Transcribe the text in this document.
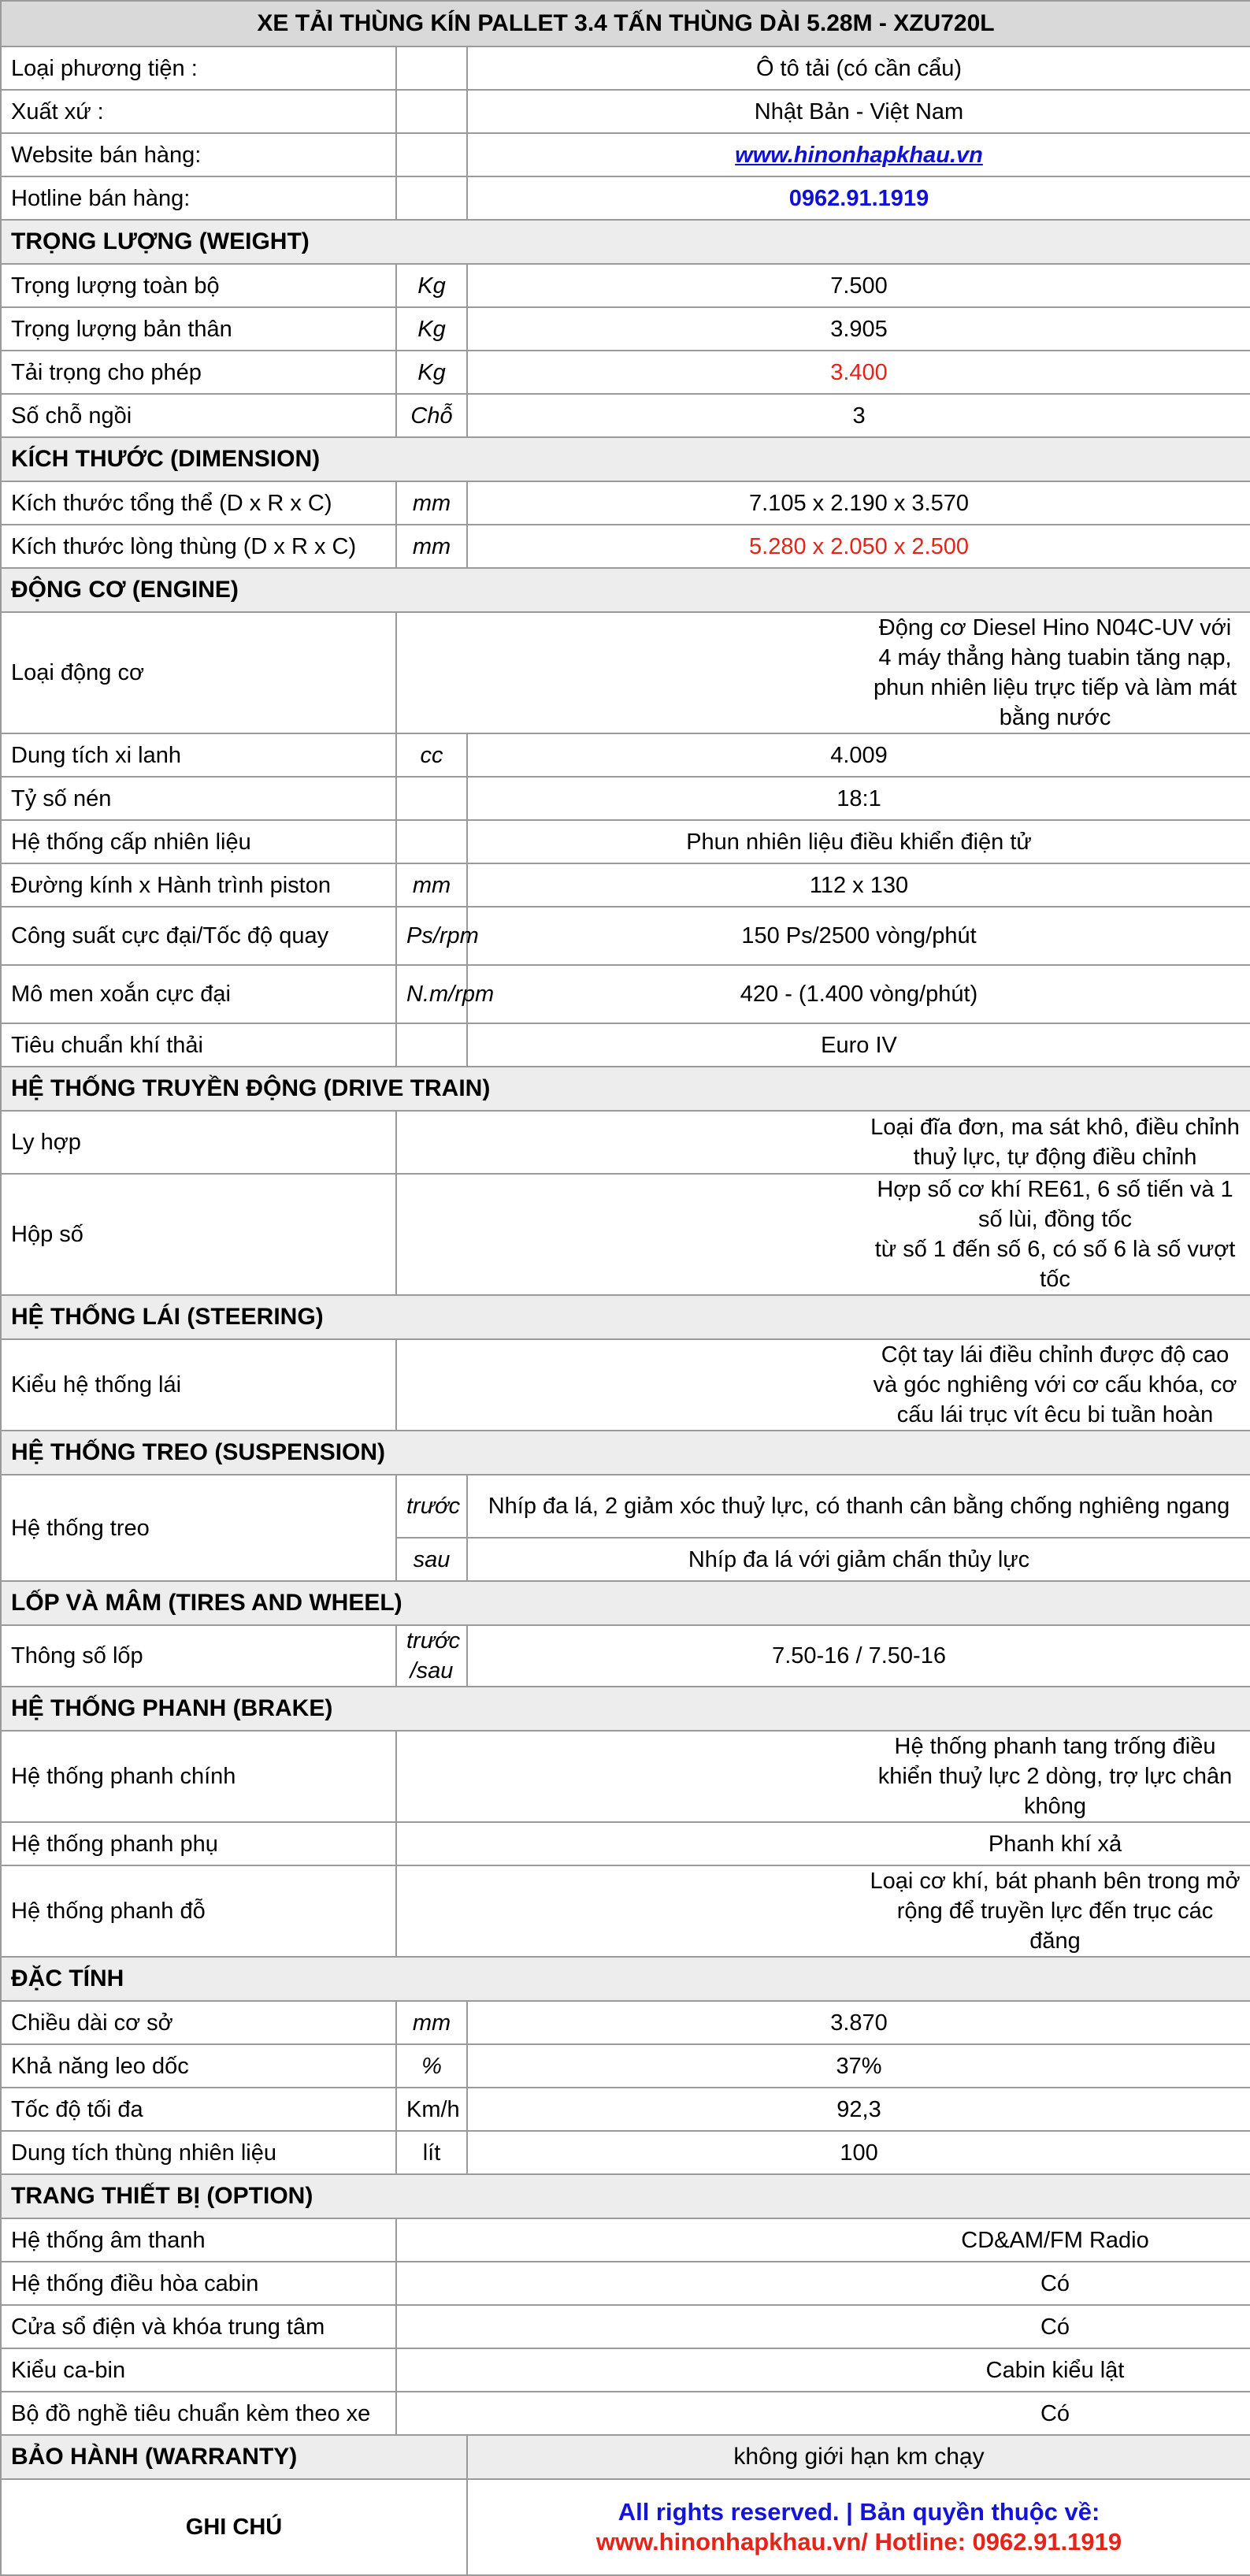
XE TẢI THÙNG KÍN PALLET 3.4 TẤN THÙNG DÀI 5.28M - XZU720L		
Loại phương tiện :		Ô tô tải (có cần cẩu)
Xuất xứ :		Nhật Bản - Việt Nam
Website bán hàng:		www.hinonhapkhau.vn
Hotline bán hàng:		0962.91.1919
TRỌNG LƯỢNG (WEIGHT)		
Trọng lượng toàn bộ	Kg	7.500
Trọng lượng bản thân	Kg	3.905
Tải trọng cho phép	Kg	3.400
Số chỗ ngồi	Chỗ	3
KÍCH THƯỚC (DIMENSION)		
Kích thước tổng thể (D x R x C)	mm	7.105 x 2.190 x 3.570
Kích thước lòng thùng (D x R x C)	mm	5.280 x 2.050 x 2.500
ĐỘNG CƠ (ENGINE)		
Loại động cơ	Động cơ Diesel Hino N04C-UV với 4 máy thẳng hàng tuabin tăng nạp, phun nhiên liệu trực tiếp và làm mát bằng nước	
Dung tích xi lanh	cc	4.009
Tỷ số nén		18:1
Hệ thống cấp nhiên liệu		Phun nhiên liệu điều khiển điện tử
Đường kính x Hành trình piston	mm	112 x 130
Công suất cực đại/Tốc độ quay	Ps/rpm	150 Ps/2500 vòng/phút
Mô men xoắn cực đại	N.m/rpm	420 - (1.400 vòng/phút)
Tiêu chuẩn khí thải		Euro IV
HỆ THỐNG TRUYỀN ĐỘNG (DRIVE TRAIN)		
Ly hợp	Loại đĩa đơn, ma sát khô, điều chỉnh thuỷ lực, tự động điều chỉnh	
Hộp số	Hợp số cơ khí RE61, 6 số tiến và 1 số lùi, đồng tốc
từ số 1 đến số 6, có số 6 là số vượt tốc	

HỆ THỐNG LÁI (STEERING)		
Kiểu hệ thống lái	Cột tay lái điều chỉnh được độ cao và góc nghiêng với cơ cấu khóa, cơ cấu lái trục vít êcu bi tuần hoàn	
HỆ THỐNG TREO (SUSPENSION)		
Hệ thống treo	trước	Nhíp đa lá, 2 giảm xóc thuỷ lực, có thanh cân bằng chống nghiêng ngang
	sau	Nhíp đa lá với giảm chấn thủy lực
LỐP VÀ MÂM (TIRES AND WHEEL)		
Thông số lốp	trước /sau	7.50-16 / 7.50-16
HỆ THỐNG PHANH (BRAKE)		
Hệ thống phanh chính	Hệ thống phanh tang trống điều khiển thuỷ lực 2 dòng, trợ lực chân không	
Hệ thống phanh phụ	Phanh khí xả	
Hệ thống phanh đỗ	Loại cơ khí, bát phanh bên trong mở rộng để truyền lực đến trục các đăng	
ĐẶC TÍNH		
Chiều dài cơ sở	mm	3.870
Khả năng leo dốc	%	37%
Tốc độ tối đa	Km/h	92,3
Dung tích thùng nhiên liệu	lít	100
TRANG THIẾT BỊ (OPTION)		
Hệ thống âm thanh	CD&AM/FM Radio	
Hệ thống điều hòa cabin	Có	
Cửa sổ điện và khóa trung tâm	Có	
Kiểu ca-bin	Cabin kiểu lật	
Bộ đồ nghề tiêu chuẩn kèm theo xe	Có	
BẢO HÀNH (WARRANTY)		không giới hạn km chạy
GHI CHÚ		All rights reserved. | Bản quyền thuộc về:
www.hinonhapkhau.vn/ Hotline: 0962.91.1919
